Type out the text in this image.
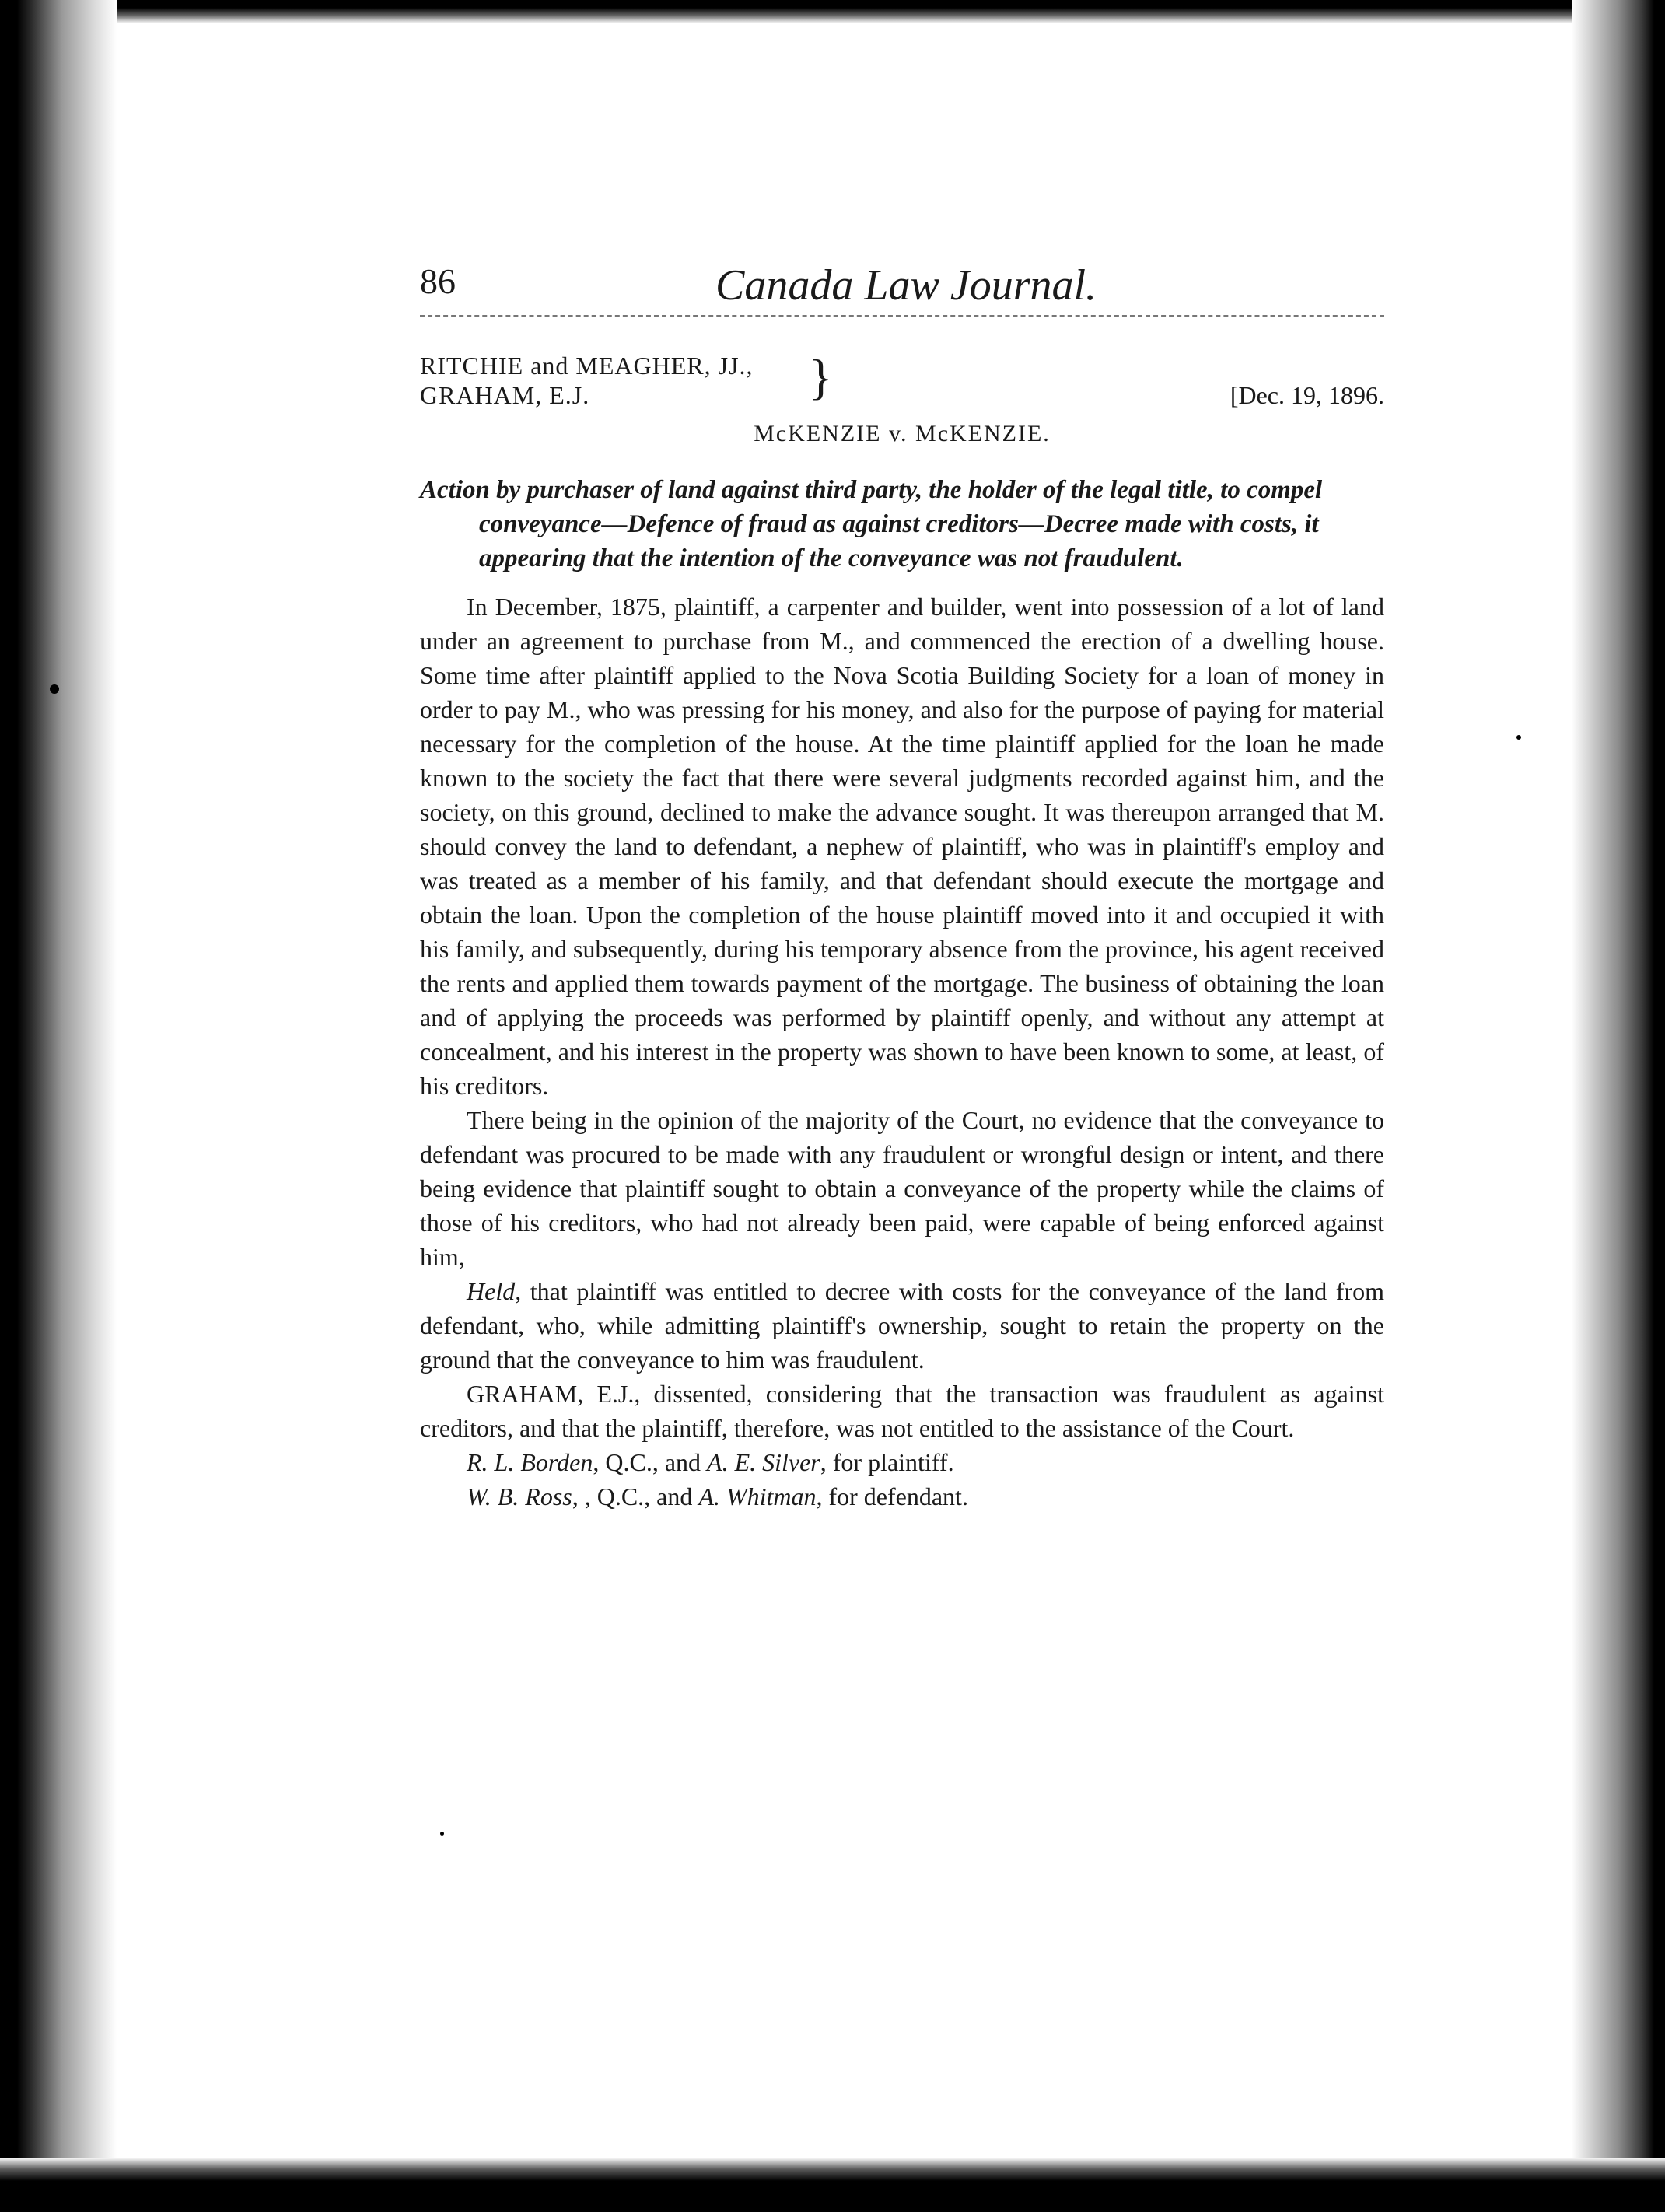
86	Canada Law Journal.
RITCHIE and MEAGHER, JJ.,
GRAHAM, E.J.	}	[Dec. 19, 1896.
McKENZIE v. McKENZIE.

Action by purchaser of land against third party, the holder of the legal title, to compel conveyance—Defence of fraud as against creditors—Decree made with costs, it appearing that the intention of the conveyance was not fraudulent.

In December, 1875, plaintiff, a carpenter and builder, went into possession of a lot of land under an agreement to purchase from M., and commenced the erection of a dwelling house. Some time after plaintiff applied to the Nova Scotia Building Society for a loan of money in order to pay M., who was pressing for his money, and also for the purpose of paying for material necessary for the completion of the house. At the time plaintiff applied for the loan he made known to the society the fact that there were several judgments recorded against him, and the society, on this ground, declined to make the advance sought. It was thereupon arranged that M. should convey the land to defendant, a nephew of plaintiff, who was in plaintiff's employ and was treated as a member of his family, and that defendant should execute the mortgage and obtain the loan. Upon the completion of the house plaintiff moved into it and occupied it with his family, and subsequently, during his temporary absence from the province, his agent received the rents and applied them towards payment of the mortgage. The business of obtaining the loan and of applying the proceeds was performed by plaintiff openly, and without any attempt at concealment, and his interest in the property was shown to have been known to some, at least, of his creditors.

There being in the opinion of the majority of the Court, no evidence that the conveyance to defendant was procured to be made with any fraudulent or wrongful design or intent, and there being evidence that plaintiff sought to obtain a conveyance of the property while the claims of those of his creditors, who had not already been paid, were capable of being enforced against him,

Held, that plaintiff was entitled to decree with costs for the conveyance of the land from defendant, who, while admitting plaintiff's ownership, sought to retain the property on the ground that the conveyance to him was fraudulent.

GRAHAM, E.J., dissented, considering that the transaction was fraudulent as against creditors, and that the plaintiff, therefore, was not entitled to the assistance of the Court.

R. L. Borden, Q.C., and A. E. Silver, for plaintiff.
W. B. Ross, , Q.C., and A. Whitman, for defendant.
